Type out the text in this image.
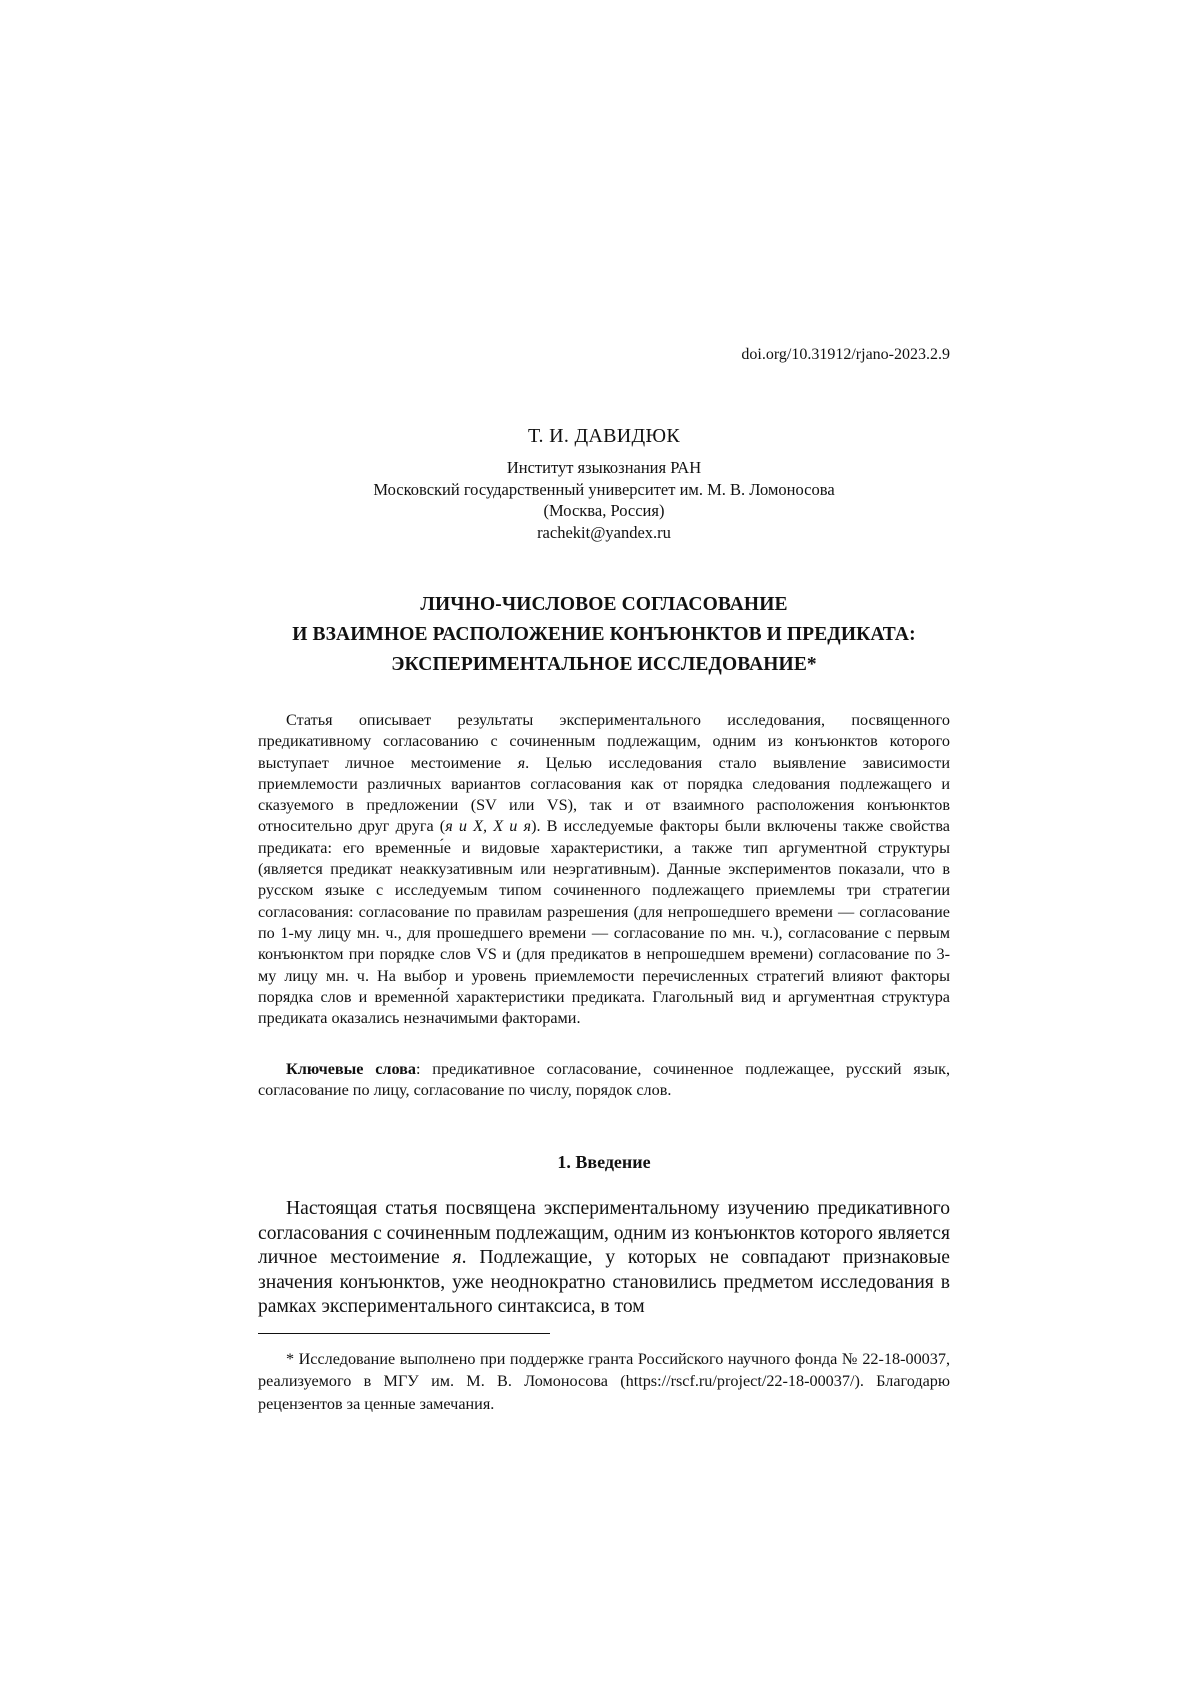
doi.org/10.31912/rjano-2023.2.9
Т. И. ДАВИДЮК
Институт языкознания РАН
Московский государственный университет им. М. В. Ломоносова
(Москва, Россия)
rachekit@yandex.ru
ЛИЧНО-ЧИСЛОВОЕ СОГЛАСОВАНИЕ
И ВЗАИМНОЕ РАСПОЛОЖЕНИЕ КОНЪЮНКТОВ И ПРЕДИКАТА:
ЭКСПЕРИМЕНТАЛЬНОЕ ИССЛЕДОВАНИЕ*

Статья описывает результаты экспериментального исследования, посвященного предикативному согласованию с сочиненным подлежащим, одним из конъюнктов которого выступает личное местоимение я. Целью исследования стало выявление зависимости приемлемости различных вариантов согласования как от порядка следования подлежащего и сказуемого в предложении (SV или VS), так и от взаимного расположения конъюнктов относительно друг друга (я и X, X и я). В исследуемые факторы были включены также свойства предиката: его временны́е и видовые характеристики, а также тип аргументной структуры (является предикат неаккузативным или неэргативным). Данные экспериментов показали, что в русском языке с исследуемым типом сочиненного подлежащего приемлемы три стратегии согласования: согласование по правилам разрешения (для непрошедшего времени — согласование по 1-му лицу мн. ч., для прошедшего времени — согласование по мн. ч.), согласование с первым конъюнктом при порядке слов VS и (для предикатов в непрошедшем времени) согласование по 3-му лицу мн. ч. На выбор и уровень приемлемости перечисленных стратегий влияют факторы порядка слов и временно́й характеристики предиката. Глагольный вид и аргументная структура предиката оказались незначимыми факторами.

Ключевые слова: предикативное согласование, сочиненное подлежащее, русский язык, согласование по лицу, согласование по числу, порядок слов.
1. Введение
Настоящая статья посвящена экспериментальному изучению предикативного согласования с сочиненным подлежащим, одним из конъюнктов которого является личное местоимение я. Подлежащие, у которых не совпадают признаковые значения конъюнктов, уже неоднократно становились предметом исследования в рамках экспериментального синтаксиса, в том
* Исследование выполнено при поддержке гранта Российского научного фонда № 22-18-00037, реализуемого в МГУ им. М. В. Ломоносова (https://rscf.ru/project/22-18-00037/). Благодарю рецензентов за ценные замечания.
